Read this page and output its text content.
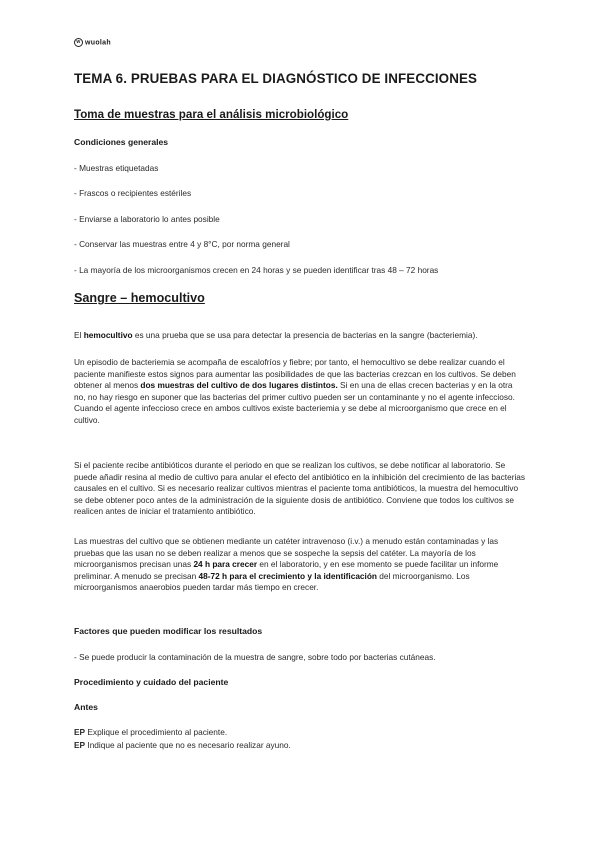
w wuolah
TEMA 6. PRUEBAS PARA EL DIAGNÓSTICO DE INFECCIONES
Toma de muestras para el análisis microbiológico
Condiciones generales
- Muestras etiquetadas
- Frascos o recipientes estériles
- Enviarse a laboratorio lo antes posible
- Conservar las muestras entre 4 y 8°C, por norma general
- La mayoría de los microorganismos crecen en 24 horas y se pueden identificar tras 48 – 72 horas
Sangre – hemocultivo
El hemocultivo es una prueba que se usa para detectar la presencia de bacterias en la sangre (bacteriemia).
Un episodio de bacteriemia se acompaña de escalofríos y fiebre; por tanto, el hemocultivo se debe realizar cuando el paciente manifieste estos signos para aumentar las posibilidades de que las bacterias crezcan en los cultivos. Se deben obtener al menos dos muestras del cultivo de dos lugares distintos. Si en una de ellas crecen bacterias y en la otra no, no hay riesgo en suponer que las bacterias del primer cultivo pueden ser un contaminante y no el agente infeccioso. Cuando el agente infeccioso crece en ambos cultivos existe bacteriemia y se debe al microorganismo que crece en el cultivo.
Si el paciente recibe antibióticos durante el periodo en que se realizan los cultivos, se debe notificar al laboratorio. Se puede añadir resina al medio de cultivo para anular el efecto del antibiótico en la inhibición del crecimiento de las bacterias causales en el cultivo. Si es necesario realizar cultivos mientras el paciente toma antibióticos, la muestra del hemocultivo se debe obtener poco antes de la administración de la siguiente dosis de antibiótico. Conviene que todos los cultivos se realicen antes de iniciar el tratamiento antibiótico.
Las muestras del cultivo que se obtienen mediante un catéter intravenoso (i.v.) a menudo están contaminadas y las pruebas que las usan no se deben realizar a menos que se sospeche la sepsis del catéter. La mayoría de los microorganismos precisan unas 24 h para crecer en el laboratorio, y en ese momento se puede facilitar un informe preliminar. A menudo se precisan 48-72 h para el crecimiento y la identificación del microorganismo. Los microorganismos anaerobios pueden tardar más tiempo en crecer.
Factores que pueden modificar los resultados
- Se puede producir la contaminación de la muestra de sangre, sobre todo por bacterias cutáneas.
Procedimiento y cuidado del paciente
Antes
EP Explique el procedimiento al paciente.
EP Indique al paciente que no es necesario realizar ayuno.
